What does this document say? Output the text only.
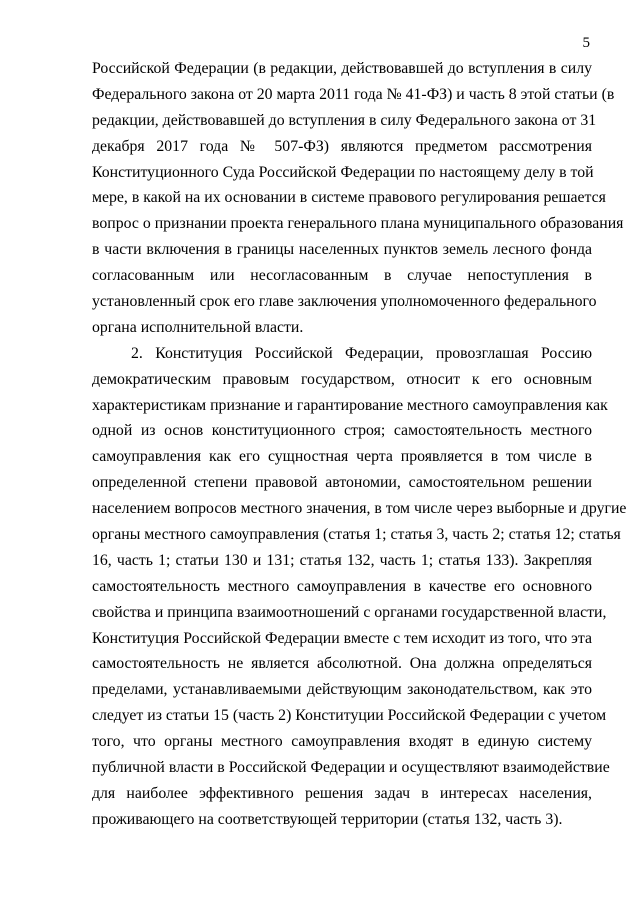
5
Российской Федерации (в редакции, действовавшей до вступления в силу
Федерального закона от 20 марта 2011 года № 41-ФЗ) и часть 8 этой статьи (в
редакции, действовавшей до вступления в силу Федерального закона от 31
декабря 2017 года № 507-ФЗ) являются предметом рассмотрения
Конституционного Суда Российской Федерации по настоящему делу в той
мере, в какой на их основании в системе правового регулирования решается
вопрос о признании проекта генерального плана муниципального образования
в части включения в границы населенных пунктов земель лесного фонда
согласованным или несогласованным в случае непоступления в
установленный срок его главе заключения уполномоченного федерального
органа исполнительной власти.
2. Конституция Российской Федерации, провозглашая Россию
демократическим правовым государством, относит к его основным
характеристикам признание и гарантирование местного самоуправления как
одной из основ конституционного строя; самостоятельность местного
самоуправления как его сущностная черта проявляется в том числе в
определенной степени правовой автономии, самостоятельном решении
населением вопросов местного значения, в том числе через выборные и другие
органы местного самоуправления (статья 1; статья 3, часть 2; статья 12; статья
16, часть 1; статьи 130 и 131; статья 132, часть 1; статья 133). Закрепляя
самостоятельность местного самоуправления в качестве его основного
свойства и принципа взаимоотношений с органами государственной власти,
Конституция Российской Федерации вместе с тем исходит из того, что эта
самостоятельность не является абсолютной. Она должна определяться
пределами, устанавливаемыми действующим законодательством, как это
следует из статьи 15 (часть 2) Конституции Российской Федерации с учетом
того, что органы местного самоуправления входят в единую систему
публичной власти в Российской Федерации и осуществляют взаимодействие
для наиболее эффективного решения задач в интересах населения,
проживающего на соответствующей территории (статья 132, часть 3).
